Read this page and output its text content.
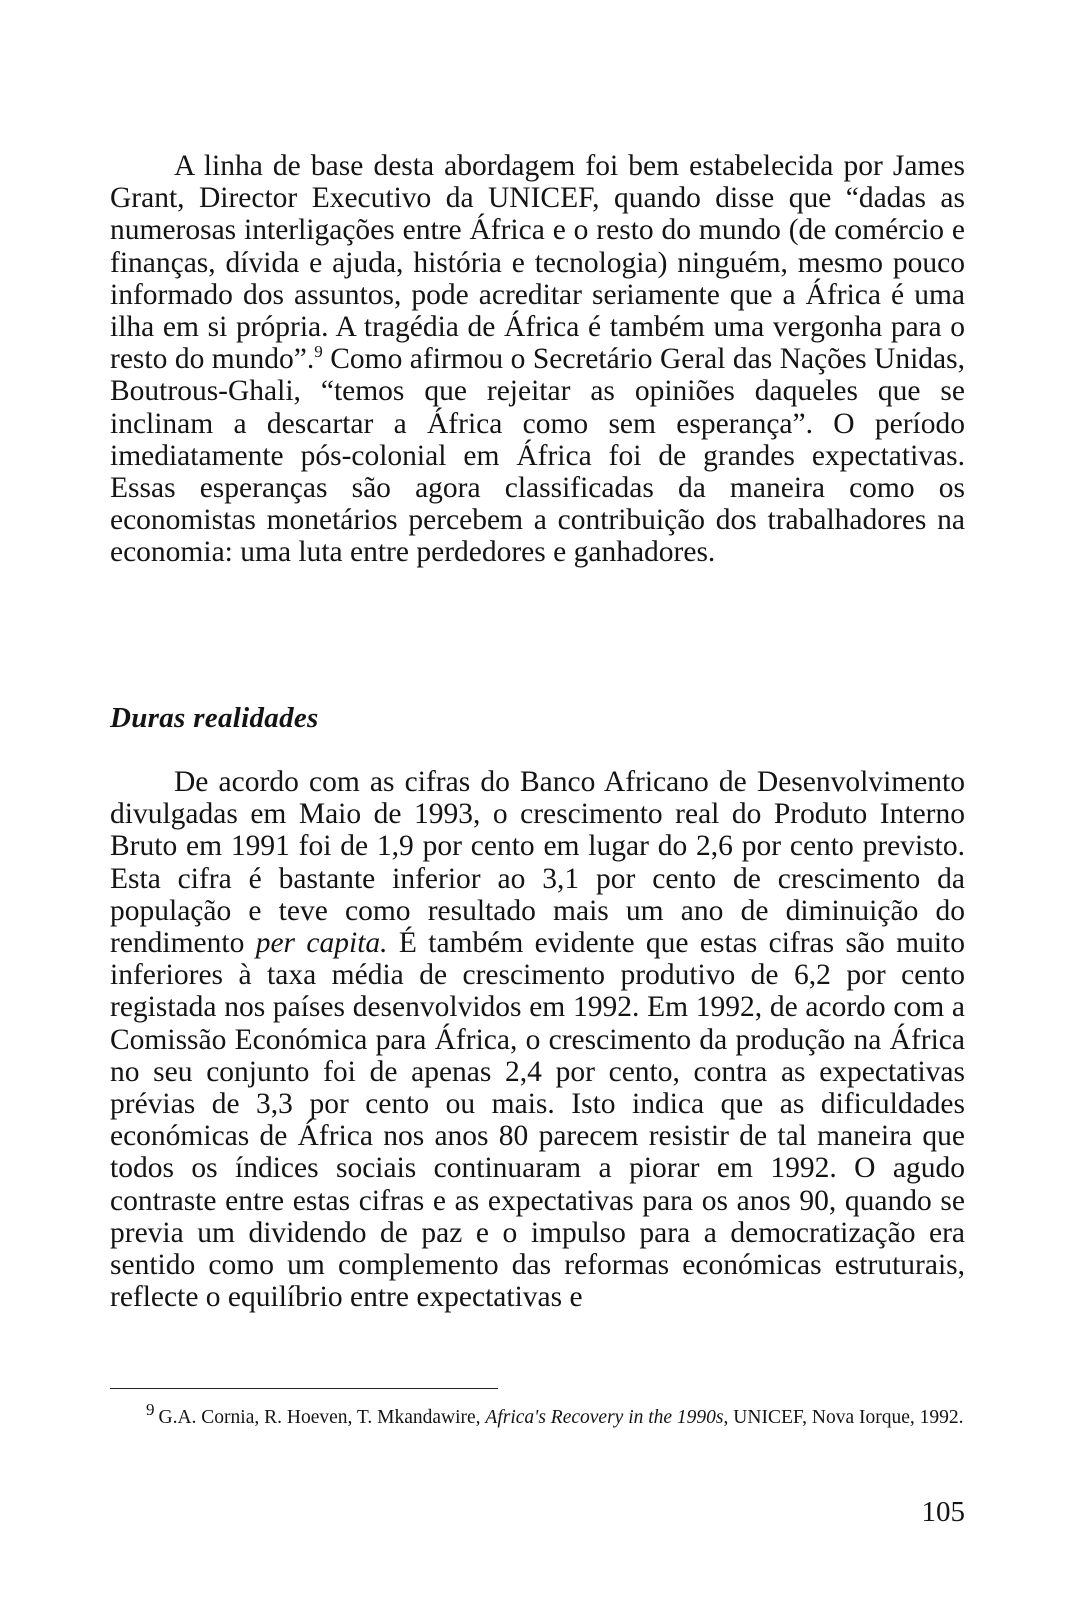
A linha de base desta abordagem foi bem estabelecida por James Grant, Director Executivo da UNICEF, quando disse que “dadas as numerosas interligações entre África e o resto do mundo (de comércio e finanças, dívida e ajuda, história e tecnologia) ninguém, mesmo pouco informado dos assuntos, pode acreditar seriamente que a África é uma ilha em si própria. A tragédia de África é também uma vergonha para o resto do mundo”.$^9$ Como afirmou o Secretário Geral das Nações Unidas, Boutrous-Ghali, “temos que rejeitar as opiniões daqueles que se inclinam a descartar a África como sem esperança”. O período imediatamente pós-colonial em África foi de grandes expectativas. Essas esperanças são agora classificadas da maneira como os economistas monetários percebem a contribuição dos trabalhadores na economia: uma luta entre perdedores e ganhadores.

Duras realidades

De acordo com as cifras do Banco Africano de Desenvolvimento divulgadas em Maio de 1993, o crescimento real do Produto Interno Bruto em 1991 foi de 1,9 por cento em lugar do 2,6 por cento previsto. Esta cifra é bastante inferior ao 3,1 por cento de crescimento da população e teve como resultado mais um ano de diminuição do rendimento per capita. É também evidente que estas cifras são muito inferiores à taxa média de crescimento produtivo de 6,2 por cento registada nos países desenvolvidos em 1992. Em 1992, de acordo com a Comissão Económica para África, o crescimento da produção na África no seu conjunto foi de apenas 2,4 por cento, contra as expectativas prévias de 3,3 por cento ou mais. Isto indica que as dificuldades económicas de África nos anos 80 parecem resistir de tal maneira que todos os índices sociais continuaram a piorar em 1992. O agudo contraste entre estas cifras e as expectativas para os anos 90, quando se previa um dividendo de paz e o impulso para a democratização era sentido como um complemento das reformas económicas estruturais, reflecte o equilíbrio entre expectativas e

9 G.A. Cornia, R. Hoeven, T. Mkandawire, Africa's Recovery in the 1990s, UNICEF, Nova Iorque, 1992.

105
